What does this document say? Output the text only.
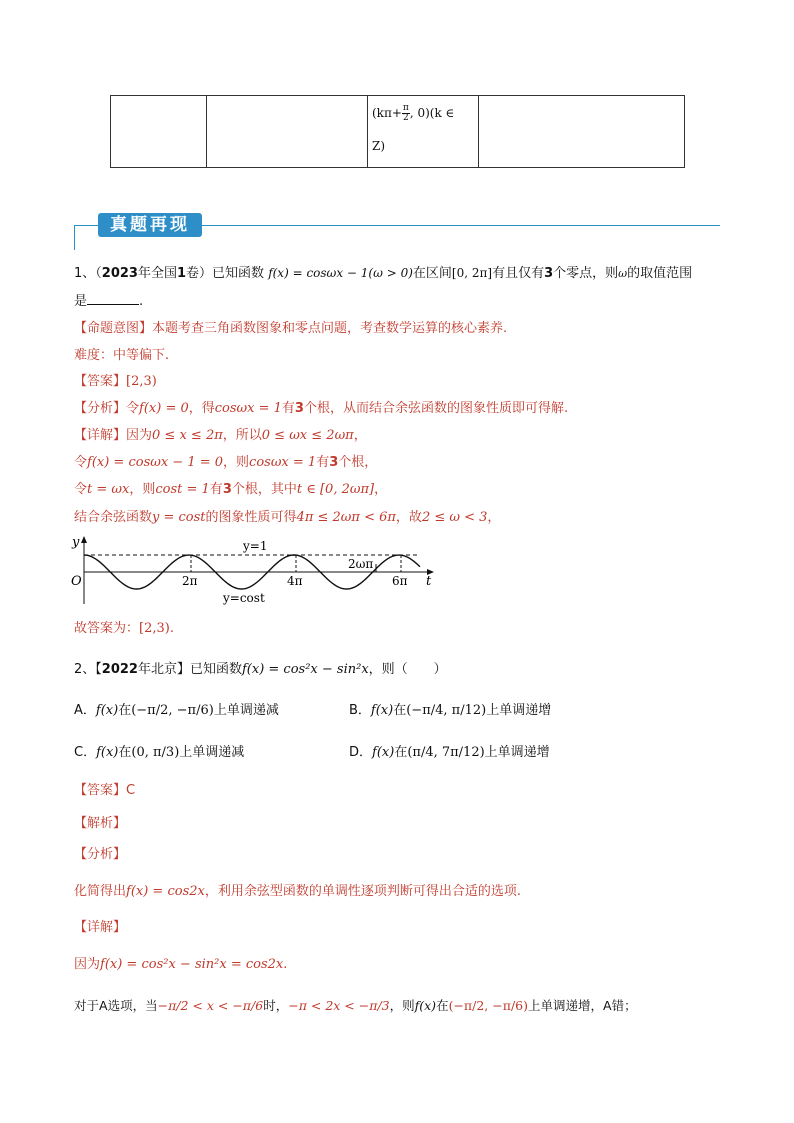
($k\pi+ \frac{\pi}{2}$ , 0)(k ∈
Z)

真题再现
1、（2023年全国1卷）已知函数 f(x) = cosωx − 1(ω > 0)在区间[0, 2π]有且仅有3个零点，则ω的取值范围
是	.
【命题意图】本题考查三角函数图象和零点问题，考查数学运算的核心素养.
难度：中等偏下.
【答案】[2,3)
【分析】令f(x) = 0，得cosωx = 1有3个根，从而结合余弦函数的图象性质即可得解.
【详解】因为0 ≤ x ≤ 2π，所以0 ≤ ωx ≤ 2ωπ，
令f(x) = cosωx − 1 = 0，则cosωx = 1有3个根，
令t = ωx，则cost = 1有3个根，其中t ∈ [0, 2ωπ]，
结合余弦函数y = cost的图象性质可得4π ≤ 2ωπ < 6π，故2 ≤ ω < 3，
y
O	t
y=1
y=cost
2π	4π	6π
2ωπ
故答案为：[2,3).
2、【2022年北京】已知函数f(x) = cos²x − sin²x，则（　　）
A．f(x)在(−π/2, −π/6)上单调递减	B．f(x)在(−π/4, π/12)上单调递增
C．f(x)在(0, π/3)上单调递减	D．f(x)在(π/4, 7π/12)上单调递增
【答案】C
【解析】
【分析】
化简得出f(x) = cos2x，利用余弦型函数的单调性逐项判断可得出合适的选项.
【详解】
因为f(x) = cos²x − sin²x = cos2x.
对于A选项，当−π/2 < x < −π/6时，−π < 2x < −π/3，则f(x)在(−π/2, −π/6)上单调递增，A错；
